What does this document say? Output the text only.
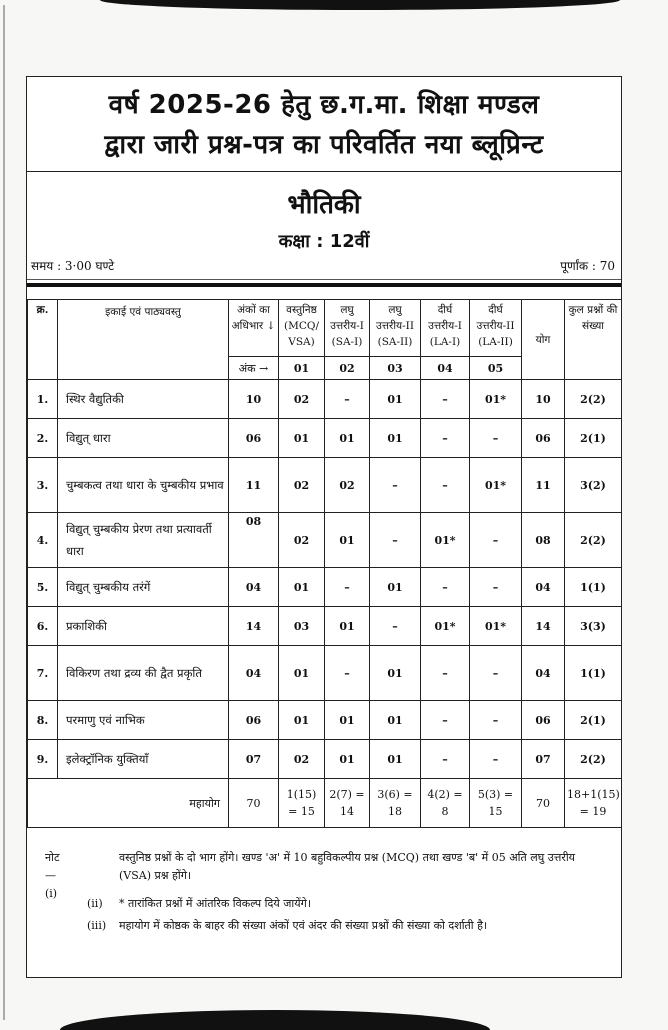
वर्ष 2025-26 हेतु छ.ग.मा. शिक्षा मण्डल
द्वारा जारी प्रश्न-पत्र का परिवर्तित नया ब्लूप्रिन्ट
भौतिकी
कक्षा : 12वीं
समय : 3·00 घण्टे	पूर्णांक : 70
क्र.	इकाई एवं पाठ्यवस्तु	अंकों का अधिभार ↓	वस्तुनिष्ठ (MCQ/ VSA)	लघु उत्तरीय-I (SA-I)	लघु उत्तरीय-II (SA-II)	दीर्घ उत्तरीय-I (LA-I)	दीर्घ उत्तरीय-II (LA-II)	योग	कुल प्रश्नों की संख्या
		अंक →	01	02	03	04	05		
1.	स्थिर वैद्युतिकी	10	02	–	01	–	01*	10	2(2)
2.	विद्युत् धारा	06	01	01	01	–	–	06	2(1)
3.	चुम्बकत्व तथा धारा के चुम्बकीय प्रभाव	11	02	02	–	–	01*	11	3(2)
4.	विद्युत् चुम्बकीय प्रेरण तथा प्रत्यावर्ती धारा	08	02	01	–	01*	–	08	2(2)
5.	विद्युत् चुम्बकीय तरंगें	04	01	–	01	–	–	04	1(1)
6.	प्रकाशिकी	14	03	01	–	01*	01*	14	3(3)
7.	विकिरण तथा द्रव्य की द्वैत प्रकृति	04	01	–	01	–	–	04	1(1)
8.	परमाणु एवं नाभिक	06	01	01	01	–	–	06	2(1)
9.	इलेक्ट्रॉनिक युक्तियाँ	07	02	01	01	–	–	07	2(2)
महायोग		70	1(15) = 15	2(7) = 14	3(6) = 18	4(2) = 8	5(3) = 15	70	18+1(15) = 19
नोट — (i)
वस्तुनिष्ठ प्रश्नों के दो भाग होंगे। खण्ड 'अ' में 10 बहुविकल्पीय प्रश्न (MCQ) तथा खण्ड 'ब' में 05 अति लघु उत्तरीय (VSA) प्रश्न होंगे।
(ii) * तारांकित प्रश्नों में आंतरिक विकल्प दिये जायेंगे।
(iii) महायोग में कोष्ठक के बाहर की संख्या अंकों एवं अंदर की संख्या प्रश्नों की संख्या को दर्शाती है।
